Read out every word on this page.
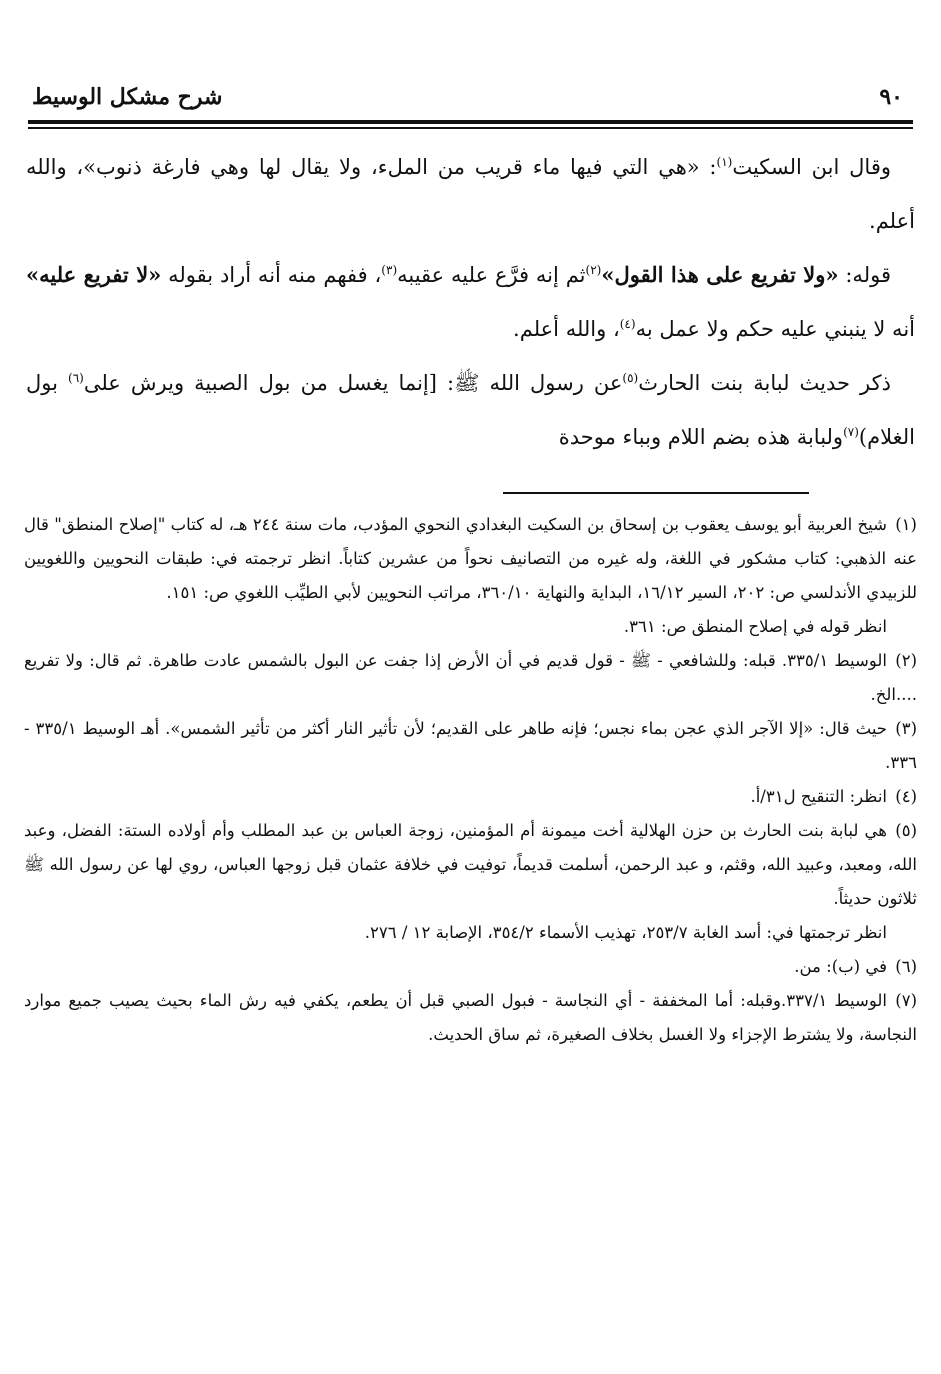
٩٠
شرح مشكل الوسيط

وقال ابن السكيت$^{(١)}$: «هي التي فيها ماء قريب من الملء، ولا يقال لها وهي فارغة ذنوب»، والله أعلم.

قوله: «ولا تفريع على هذا القول»$^{(٢)}$ثم إنه فرَّع عليه عقيبه$^{(٣)}$، ففهم منه أنه أراد بقوله «لا تفريع عليه» أنه لا ينبني عليه حكم ولا عمل به$^{(٤)}$، والله أعلم.

ذكر حديث لبابة بنت الحارث$^{(٥)}$عن رسول الله ﷺ: [إنما يغسل من بول الصبية ويرش على$^{(٦)}$ بول الغلام)$^{(٧)}$ولبابة هذه بضم اللام وبباء موحدة

(١)شيخ العربية أبو يوسف يعقوب بن إسحاق بن السكيت البغدادي النحوي المؤدب، مات سنة ٢٤٤ هـ، له كتاب "إصلاح المنطق" قال عنه الذهبي: كتاب مشكور في اللغة، وله غيره من التصانيف نحواً من عشرين كتاباً. انظر ترجمته في: طبقات النحويين واللغويين للزبيدي الأندلسي ص: ٢٠٢، السير ١٦/١٢، البداية والنهاية ٣٦٠/١٠، مراتب النحويين لأبي الطيِّب اللغوي ص: ١٥١.

انظر قوله في إصلاح المنطق ص: ٣٦١.

(٢)الوسيط ٣٣٥/١. قبله: وللشافعي - ﷺ - قول قديم في أن الأرض إذا جفت عن البول بالشمس عادت طاهرة. ثم قال: ولا تفريع ....الخ.

(٣)حيث قال: «إلا الآجر الذي عجن بماء نجس؛ فإنه طاهر على القديم؛ لأن تأثير النار أكثر من تأثير الشمس». أهـ الوسيط ٣٣٥/١ - ٣٣٦.

(٤)انظر: التنقيح ل٣١/أ.

(٥)هي لبابة بنت الحارث بن حزن الهلالية أخت ميمونة أم المؤمنين، زوجة العباس بن عبد المطلب وأم أولاده الستة: الفضل، وعبد الله، ومعبد، وعبيد الله، وقثم، و عبد الرحمن، أسلمت قديماً، توفيت في خلافة عثمان قبل زوجها العباس، روي لها عن رسول الله ﷺ ثلاثون حديثاً.

انظر ترجمتها في: أسد الغابة ٢٥٣/٧، تهذيب الأسماء ٣٥٤/٢، الإصابة ١٢ / ٢٧٦.

(٦)في (ب): من.

(٧)الوسيط ٣٣٧/١.وقبله: أما المخففة - أي النجاسة - فبول الصبي قبل أن يطعم، يكفي فيه رش الماء بحيث يصيب جميع موارد النجاسة، ولا يشترط الإجزاء ولا الغسل بخلاف الصغيرة، ثم ساق الحديث.
